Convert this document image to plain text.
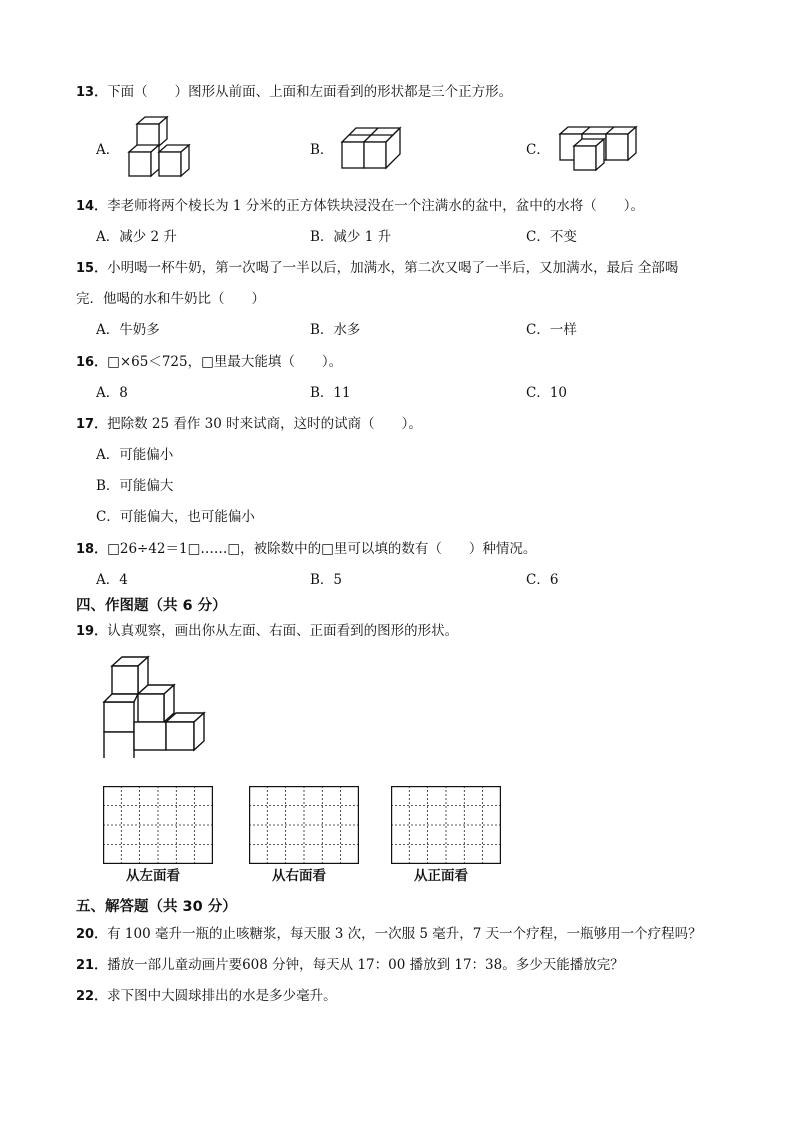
13．下面（　　）图形从前面、上面和左面看到的形状都是三个正方形。
A．	B．	C．
14．李老师将两个棱长为 1 分米的正方体铁块浸没在一个注满水的盆中，盆中的水将（　　）。
A．减少 2 升	B．减少 1 升	C．不变
15．小明喝一杯牛奶，第一次喝了一半以后，加满水，第二次又喝了一半后，又加满水，最后 全部喝
完．他喝的水和牛奶比（　　）
A．牛奶多	B．水多	C．一样
16．□×65＜725，□里最大能填（　　）。
A．8	B．11	C．10
17．把除数 25 看作 30 时来试商，这时的试商（　　）。
A．可能偏小
B．可能偏大
C．可能偏大，也可能偏小
18．□26÷42＝1□……□，被除数中的□里可以填的数有（　　）种情况。
A．4	B．5	C．6
四、作图题（共 6 分）
19．认真观察，画出你从左面、右面、正面看到的图形的形状。
从左面看	从右面看	从正面看
五、解答题（共 30 分）
20．有 100 毫升一瓶的止咳糖浆，每天服 3 次，一次服 5 毫升，7 天一个疗程，一瓶够用一个疗程吗？
21．播放一部儿童动画片要608 分钟，每天从 17：00 播放到 17：38。多少天能播放完？
22．求下图中大圆球排出的水是多少毫升。
